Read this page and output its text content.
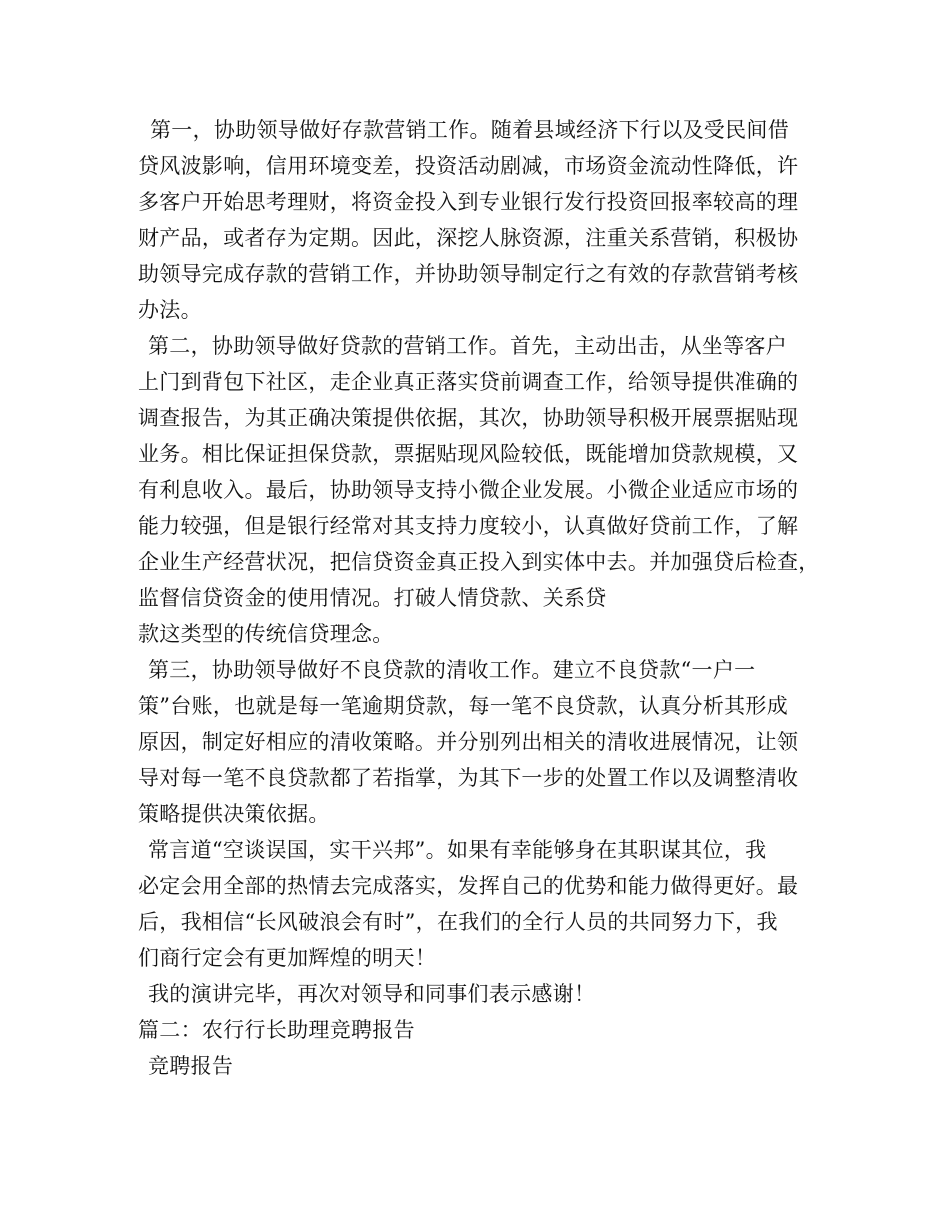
第一，协助领导做好存款营销工作。随着县域经济下行以及受民间借
贷风波影响，信用环境变差，投资活动剧减，市场资金流动性降低，许
多客户开始思考理财，将资金投入到专业银行发行投资回报率较高的理
财产品，或者存为定期。因此，深挖人脉资源，注重关系营销，积极协
助领导完成存款的营销工作，并协助领导制定行之有效的存款营销考核
办法。
第二，协助领导做好贷款的营销工作。首先，主动出击，从坐等客户
上门到背包下社区，走企业真正落实贷前调查工作，给领导提供准确的
调查报告，为其正确决策提供依据，其次，协助领导积极开展票据贴现
业务。相比保证担保贷款，票据贴现风险较低，既能增加贷款规模，又
有利息收入。最后，协助领导支持小微企业发展。小微企业适应市场的
能力较强，但是银行经常对其支持力度较小，认真做好贷前工作，了解
企业生产经营状况，把信贷资金真正投入到实体中去。并加强贷后检查，
监督信贷资金的使用情况。打破人情贷款、关系贷
款这类型的传统信贷理念。
第三，协助领导做好不良贷款的清收工作。建立不良贷款“一户一
策”台账，也就是每一笔逾期贷款，每一笔不良贷款，认真分析其形成
原因，制定好相应的清收策略。并分别列出相关的清收进展情况，让领
导对每一笔不良贷款都了若指掌，为其下一步的处置工作以及调整清收
策略提供决策依据。
常言道“空谈误国，实干兴邦”。如果有幸能够身在其职谋其位，我
必定会用全部的热情去完成落实，发挥自己的优势和能力做得更好。最
后，我相信“长风破浪会有时”，在我们的全行人员的共同努力下，我
们商行定会有更加辉煌的明天！
我的演讲完毕，再次对领导和同事们表示感谢！
篇二：农行行长助理竞聘报告
竞聘报告
